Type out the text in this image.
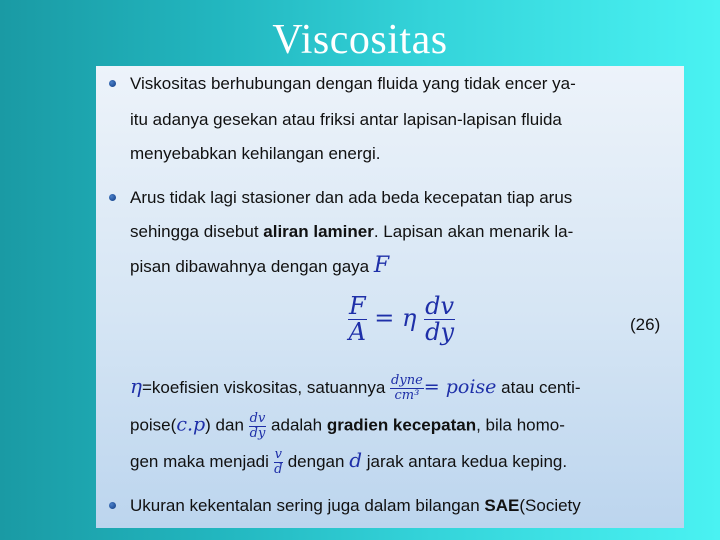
Viscositas
Viskositas berhubungan dengan fluida yang tidak encer ya-
itu adanya gesekan atau friksi antar lapisan-lapisan fluida
menyebabkan kehilangan energi.
Arus tidak lagi stasioner dan ada beda kecepatan tiap arus
sehingga disebut aliran laminer. Lapisan akan menarik la-
pisan dibawahnya dengan gaya F
$\frac{F}{A} = \eta \frac{dv}{dy}$	(26)
η=koefisien viskositas, satuannya $\frac{\text{dyne}}{\text{cm³}}$ = poise atau centi-
poise(c.p) dan $\frac{dv}{dy}$ adalah gradien kecepatan, bila homo-
gen maka menjadi $\frac{v}{d}$ dengan d jarak antara kedua keping.
Ukuran kekentalan sering juga dalam bilangan SAE(Society
